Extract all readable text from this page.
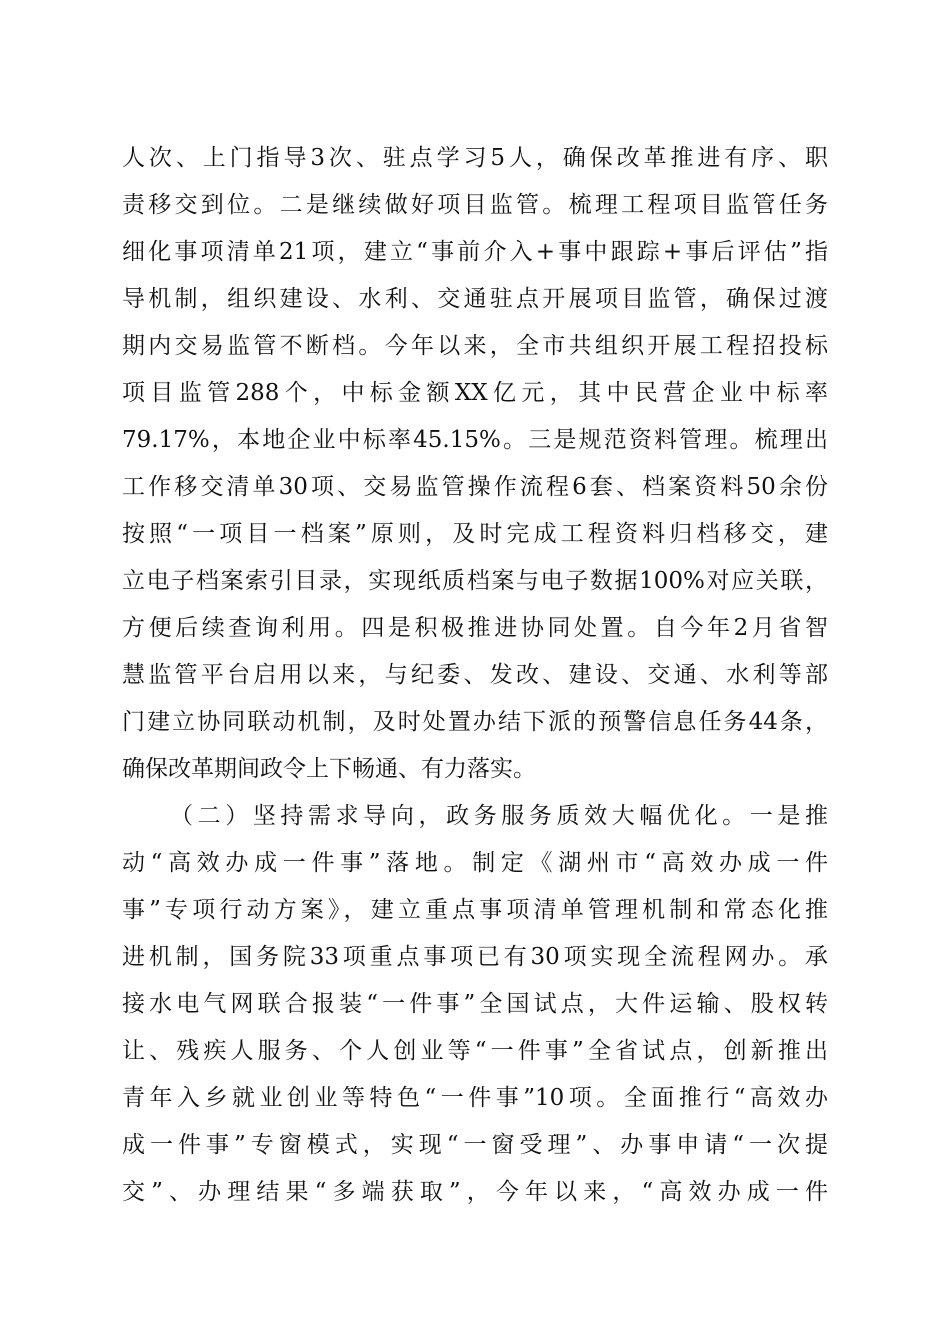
人次、上门指导3次、驻点学习5人，确保改革推进有序、职
责移交到位。二是继续做好项目监管。梳理工程项目监管任务
细化事项清单21项，建立“事前介入+事中跟踪+事后评估”指
导机制，组织建设、水利、交通驻点开展项目监管，确保过渡
期内交易监管不断档。今年以来，全市共组织开展工程招投标
项目监管288个，中标金额XX亿元，其中民营企业中标率
79.17%，本地企业中标率45.15%。三是规范资料管理。梳理出
工作移交清单30项、交易监管操作流程6套、档案资料50余份
按照“一项目一档案”原则，及时完成工程资料归档移交，建
立电子档案索引目录，实现纸质档案与电子数据100%对应关联，
方便后续查询利用。四是积极推进协同处置。自今年2月省智
慧监管平台启用以来，与纪委、发改、建设、交通、水利等部
门建立协同联动机制，及时处置办结下派的预警信息任务44条，
确保改革期间政令上下畅通、有力落实。
（二）坚持需求导向，政务服务质效大幅优化。一是推
动“高效办成一件事”落地。制定《湖州市“高效办成一件
事”专项行动方案》，建立重点事项清单管理机制和常态化推
进机制，国务院33项重点事项已有30项实现全流程网办。承
接水电气网联合报装“一件事”全国试点，大件运输、股权转
让、残疾人服务、个人创业等“一件事”全省试点，创新推出
青年入乡就业创业等特色“一件事”10项。全面推行“高效办
成一件事”专窗模式，实现“一窗受理”、办事申请“一次提
交”、办理结果“多端获取”，今年以来，“高效办成一件
